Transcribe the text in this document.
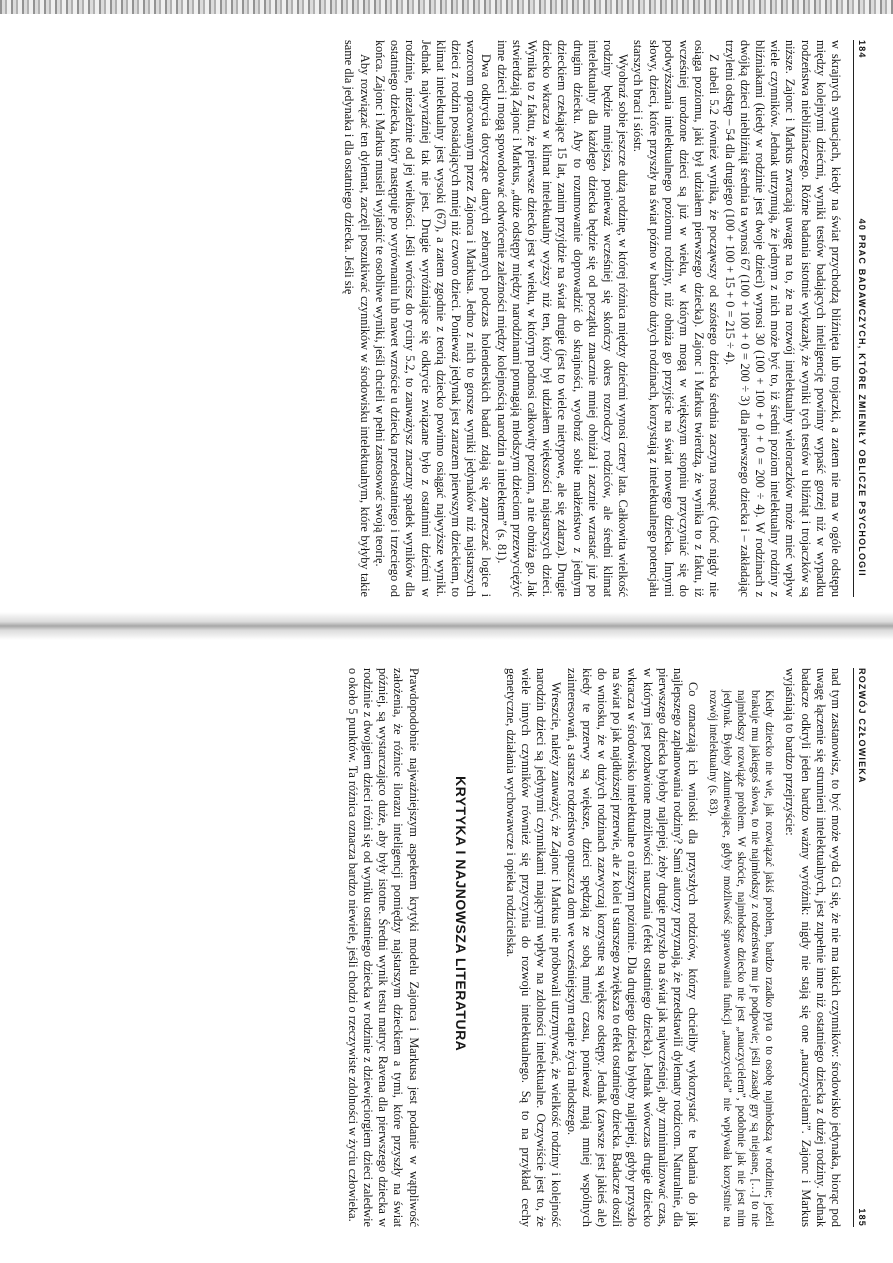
184
40 PRAC BADAWCZYCH, KTÓRE ZMIENIŁY OBLICZE PSYCHOLOGII

w skrajnych sytuacjach, kiedy na świat przychodzą bliźnięta lub trojaczki, a zatem nie ma w ogóle odstępu między kolejnymi dziećmi, wyniki testów badających inteligencję powinny wypaść gorzej niż w wypadku rodzeństwa niebliźniaczego. Różne badania istotnie wykazały, że wyniki tych testów u bliźniąt i trojaczków są niższe. Zajonc i Markus zwracają uwagę na to, że na rozwój intelektualny wieloraczków może mieć wpływ wiele czynników. Jednak utrzymują, że jednym z nich może być to, iż średni poziom intelektualny rodziny z bliźniakami (kiedy w rodzinie jest dwoje dzieci) wynosi 30 (100 + 100 + 0 + 0 = 200 ÷ 4). W rodzinach z dwójką dzieci niebliźniąt średnia ta wynosi 67 (100 + 100 + 0 = 200 ÷ 3) dla pierwszego dziecka i – zakładając trzyletni odstęp – 54 dla drugiego (100 + 100 + 15 + 0 = 215 ÷ 4).

Z tabeli 5.2 również wynika, że począwszy od szóstego dziecka średnia zaczyna rosnąć (choć nigdy nie osiąga poziomu, jaki był udziałem pierwszego dziecka). Zajonc i Markus twierdzą, że wynika to z faktu, iż wcześniej urodzone dzieci są już w wieku, w którym mogą w większym stopniu przyczyniać się do podwyższania intelektualnego poziomu rodziny, niż obniża go przyjście na świat nowego dziecka. Innymi słowy, dzieci, które przyszły na świat późno w bardzo dużych rodzinach, korzystają z intelektualnego potencjału starszych braci i sióstr.

Wyobraź sobie jeszcze dużą rodzinę, w której różnica między dziećmi wynosi cztery lata. Całkowita wielkość rodziny będzie mniejsza, ponieważ wcześniej się skończy okres rozrodczy rodziców, ale średni klimat intelektualny dla każdego dziecka będzie się od początku znacznie mniej obniżał i zacznie wzrastać już po drugim dziecku. Aby to rozumowanie doprowadzić do skrajności, wyobraź sobie małżeństwo z jednym dzieckiem czekające 15 lat, zanim przyjdzie na świat drugie (jest to wielce nietypowe, ale się zdarza). Drugie dziecko wkracza w klimat intelektualny wyższy niż ten, który był udziałem większości najstarszych dzieci. Wynika to z faktu, że pierwsze dziecko jest w wieku, w którym podnosi całkowity poziom, a nie obniża go. Jak stwierdzają Zajonc i Markus, „duże odstępy między narodzinami pomagają młodszym dzieciom przezwyciężyć inne dzieci i mogą spowodować odwrócenie zależności między kolejnością narodzin a intelektem” (s. 81).

Dwa odkrycia dotyczące danych zebranych podczas holenderskich badań zdają się zaprzeczać logice i wzorcom opracowanym przez Zajonca i Markusa. Jedno z nich to gorsze wyniki jedynaków niż najstarszych dzieci z rodzin posiadających mniej niż czworo dzieci. Ponieważ jedynak jest zarazem pierwszym dzieckiem, to klimat intelektualny jest wysoki (67), a zatem zgodnie z teorią dziecko powinno osiągać najwyższe wyniki. Jednak najwyraźniej tak nie jest. Drugie wyróżniające się odkrycie związane było z ostatnimi dziećmi w rodzinie, niezależnie od jej wielkości. Jeśli wrócisz do ryciny 5.2, to zauważysz znaczny spadek wyników dla ostatniego dziecka, który następuje po wyrównaniu lub nawet wzroście u dziecka przedostatniego i trzeciego od końca. Zajonc i Markus musieli wyjaśnić te osobliwe wyniki, jeśli chcieli w pełni zastosować swoją teorię.

Aby rozwiązać ten dylemat, zaczęli poszukiwać czynników w środowisku intelektualnym, które byłyby takie same dla jedynaka i dla ostatniego dziecka. Jeśli się

ROZWÓJ CZŁOWIEKA
185

nad tym zastanowisz, to być może wyda Ci się, że nie ma takich czynników: środowisko jedynaka, biorąc pod uwagę łączenie się strumieni intelektualnych, jest zupełnie inne niż ostatniego dziecka z dużej rodziny. Jednak badacze odkryli jeden bardzo ważny wyróżnik: nigdy nie stają się one „nauczycielami”. Zajonc i Markus wyjaśniają to bardzo przejrzyście:

Kiedy dziecko nie wie, jak rozwiązać jakiś problem, bardzo rzadko pyta o to osobę najmłodszą w rodzinie; jeżeli brakuje mu jakiegoś słowa, to nie najmłodszy z rodzeństwa mu je podpowie; jeśli zasady gry są niejasne, […] to nie najmłodszy rozwiąże problem. W skrócie, najmłodsze dziecko nie jest „nauczycielem”, podobnie jak nie jest nim jedynak. Byłoby zdumiewające, gdyby możliwość sprawowania funkcji „nauczyciela” nie wpływała korzystnie na rozwój intelektualny (s. 83).

Co oznaczają ich wnioski dla przyszłych rodziców, którzy chcieliby wykorzystać te badania do jak najlepszego zaplanowania rodziny? Sami autorzy przyznają, że przedstawili dylematy rodzicom. Naturalnie, dla pierwszego dziecka byłoby najlepiej, żeby drugie przyszło na świat jak najwcześniej, aby zminimalizować czas, w którym jest pozbawione możliwości nauczania (efekt ostatniego dziecka). Jednak wówczas drugie dziecko wkracza w środowisko intelektualne o niższym poziomie. Dla drugiego dziecka byłoby najlepiej, gdyby przyszło na świat po jak najdłuższej przerwie, ale z kolei u starszego zwiększa to efekt ostatniego dziecka. Badacze doszli do wniosku, że w dużych rodzinach zazwyczaj korzystne są większe odstępy. Jednak (zawsze jest jakieś ale) kiedy te przerwy są większe, dzieci spędzają ze sobą mniej czasu, ponieważ mają mniej wspólnych zainteresowań, a starsze rodzeństwo opuszcza dom we wcześniejszym etapie życia młodszego.

Wreszcie, należy zauważyć, że Zajonc i Markus nie próbowali utrzymywać, że wielkość rodziny i kolejność narodzin dzieci są jedynymi czynnikami mającymi wpływ na zdolności intelektualne. Oczywiście jest to, że wiele innych czynników również się przyczynia do rozwoju intelektualnego. Są to na przykład cechy genetyczne, działania wychowawcze i opieka rodzicielska.

KRYTYKA I NAJNOWSZA LITERATURA

Prawdopodobnie najważniejszym aspektem krytyki modelu Zajonca i Markusa jest podanie w wątpliwość założenia, że różnice ilorazu inteligencji pomiędzy najstarszym dzieckiem a tymi, które przyszły na świat później, są wystarczająco duże, aby były istotne. Średni wynik testu matryc Ravena dla pierwszego dziecka w rodzinie z dwojgiem dzieci różni się od wyniku ostatniego dziecka w rodzinie z dziewięciorgiem dzieci zaledwie o około 5 punktów. Ta różnica oznacza bardzo niewiele, jeśli chodzi o rzeczywiste zdolności w życiu człowieka.
